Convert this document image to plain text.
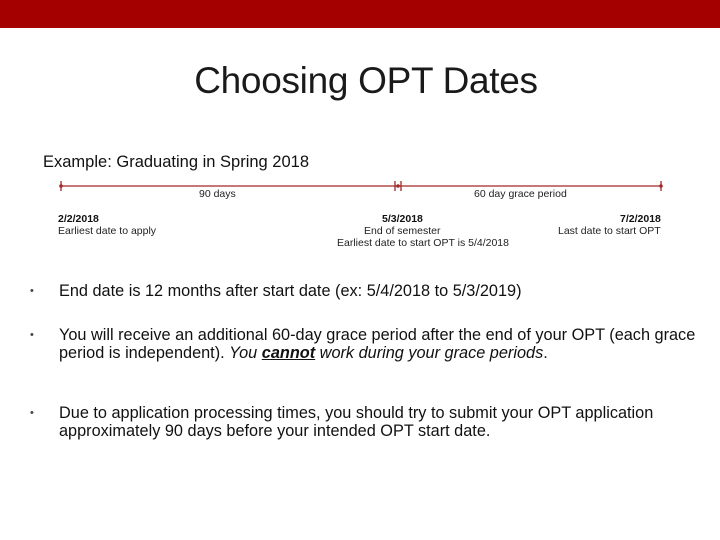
Choosing OPT Dates
Example: Graduating in Spring 2018
90 days	60 day grace period
2/2/2018
Earliest date to apply
5/3/2018
End of semester
Earliest date to start OPT is 5/4/2018
7/2/2018
Last date to start OPT
•	End date is 12 months after start date (ex: 5/4/2018 to 5/3/2019)
•	You will receive an additional 60-day grace period after the end of your OPT (each grace period is independent). You cannot work during your grace periods.
•	Due to application processing times, you should try to submit your OPT application approximately 90 days before your intended OPT start date.
